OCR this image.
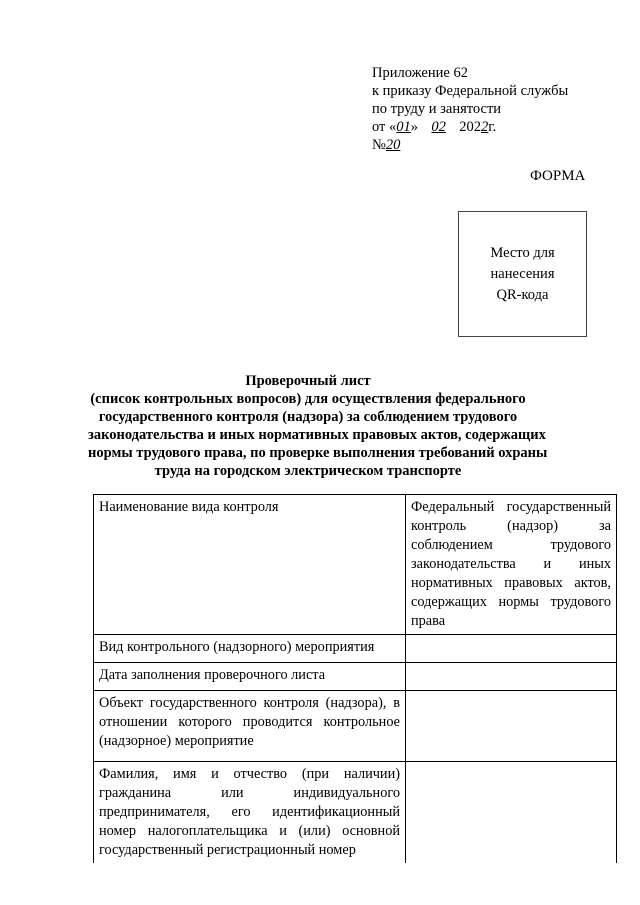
Приложение 62
к приказу Федеральной службы
по труду и занятости
от «01» 02 2022г.
№20
ФОРМА
Место для
нанесения
QR-кода
Проверочный лист
(список контрольных вопросов) для осуществления федерального
государственного контроля (надзора) за соблюдением трудового
законодательства и иных нормативных правовых актов, содержащих
нормы трудового права, по проверке выполнения требований охраны
труда на городском электрическом транспорте
Наименование вида контроля	Федеральный государственный контроль (надзор) за соблюдением трудового законодательства и иных нормативных правовых актов, содержащих нормы трудового права
Вид контрольного (надзорного) мероприятия	
Дата заполнения проверочного листа	
Объект государственного контроля (надзора), в отношении которого проводится контрольное (надзорное) мероприятие	
Фамилия, имя и отчество (при наличии) гражданина или индивидуального предпринимателя, его идентификационный номер налогоплательщика и (или) основной государственный регистрационный номер	
